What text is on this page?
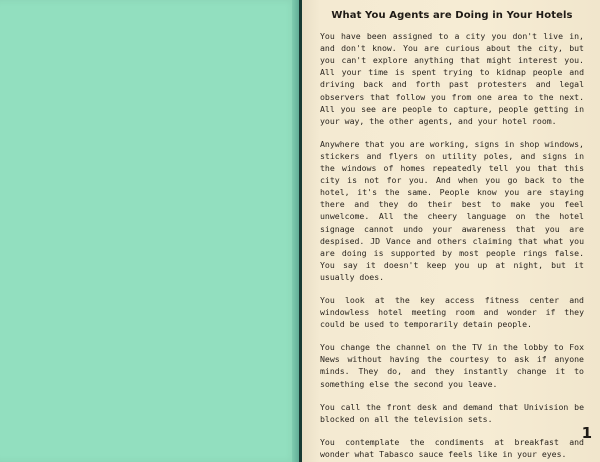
What You Agents are Doing in Your Hotels

You have been assigned to a city you don't live in, and don't know. You are curious about the city, but you can't explore anything that might interest you. All your time is spent trying to kidnap people and driving back and forth past protesters and legal observers that follow you from one area to the next. All you see are people to capture, people getting in your way, the other agents, and your hotel room.

Anywhere that you are working, signs in shop windows, stickers and flyers on utility poles, and signs in the windows of homes repeatedly tell you that this city is not for you. And when you go back to the hotel, it's the same. People know you are staying there and they do their best to make you feel unwelcome. All the cheery language on the hotel signage cannot undo your awareness that you are despised. JD Vance and others claiming that what you are doing is supported by most people rings false. You say it doesn't keep you up at night, but it usually does.

You look at the key access fitness center and windowless hotel meeting room and wonder if they could be used to temporarily detain people.

You change the channel on the TV in the lobby to Fox News without having the courtesy to ask if anyone minds. They do, and they instantly change it to something else the second you leave.

You call the front desk and demand that Univision be blocked on all the television sets.

You contemplate the condiments at breakfast and wonder what Tabasco sauce feels like in your eyes.

1
